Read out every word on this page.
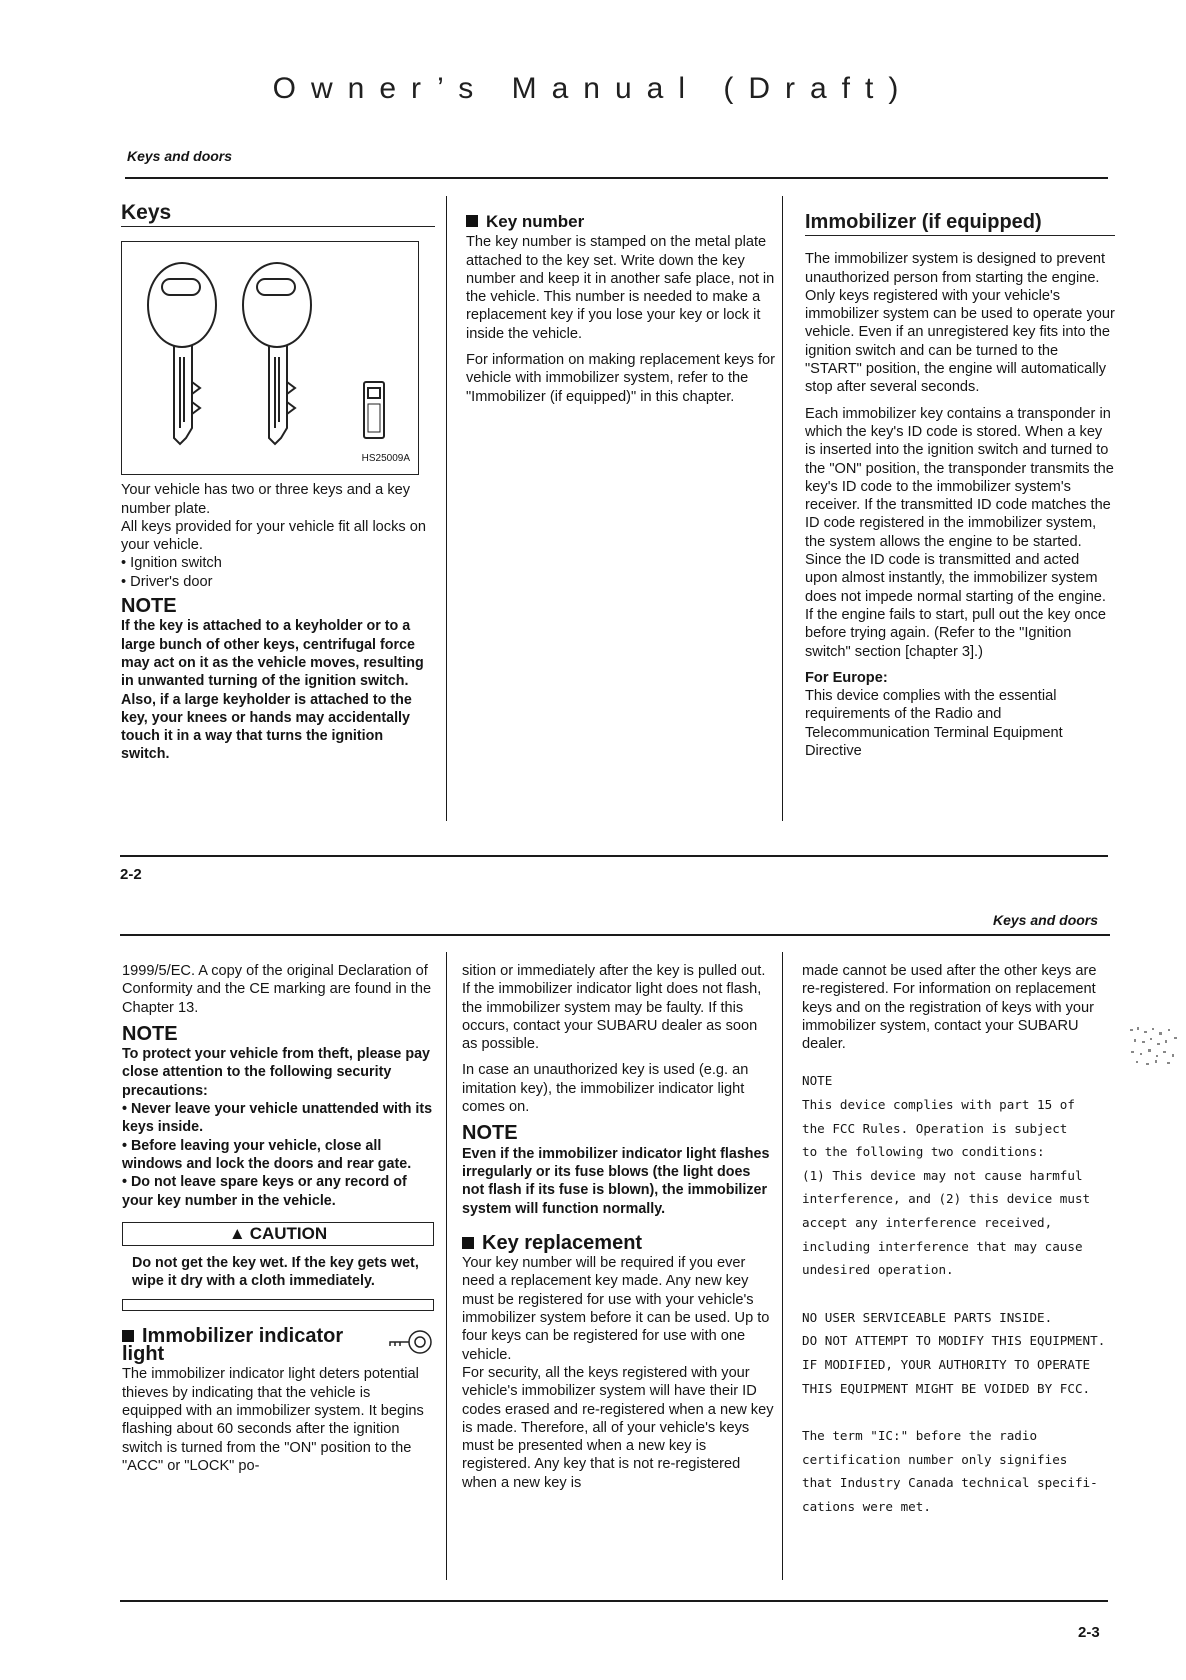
Owner’s Manual (Draft)
Keys and doors
Keys
HS25009A

Your vehicle has two or three keys and a key number plate.

All keys provided for your vehicle fit all locks on your vehicle.

• Ignition switch
• Driver's door
NOTE
If the key is attached to a keyholder or to a large bunch of other keys, centrifugal force may act on it as the vehicle moves, resulting in unwanted turning of the ignition switch. Also, if a large keyholder is attached to the key, your knees or hands may accidentally touch it in a way that turns the ignition switch.
Key number

The key number is stamped on the metal plate attached to the key set. Write down the key number and keep it in another safe place, not in the vehicle. This number is needed to make a replacement key if you lose your key or lock it inside the vehicle.

For information on making replacement keys for vehicle with immobilizer system, refer to the "Immobilizer (if equipped)" in this chapter.

Immobilizer (if equipped)

The immobilizer system is designed to prevent unauthorized person from starting the engine. Only keys registered with your vehicle's immobilizer system can be used to operate your vehicle. Even if an unregistered key fits into the ignition switch and can be turned to the "START" position, the engine will automatically stop after several seconds.

Each immobilizer key contains a transponder in which the key's ID code is stored. When a key is inserted into the ignition switch and turned to the "ON" position, the transponder transmits the key's ID code to the immobilizer system's receiver. If the transmitted ID code matches the ID code registered in the immobilizer system, the system allows the engine to be started. Since the ID code is transmitted and acted upon almost instantly, the immobilizer system does not impede normal starting of the engine.

If the engine fails to start, pull out the key once before trying again. (Refer to the "Ignition switch" section [chapter 3].)

For Europe:
This device complies with the essential requirements of the Radio and Telecommunication Terminal Equipment Directive
2-2
Keys and doors

1999/5/EC. A copy of the original Declaration of Conformity and the CE marking are found in the Chapter 13.

NOTE
To protect your vehicle from theft, please pay close attention to the following security precautions:
• Never leave your vehicle unattended with its keys inside.
• Before leaving your vehicle, close all windows and lock the doors and rear gate.
• Do not leave spare keys or any record of your key number in the vehicle.
▲ CAUTION
Do not get the key wet. If the key gets wet, wipe it dry with a cloth immediately.
Immobilizer indicator light

The immobilizer indicator light deters potential thieves by indicating that the vehicle is equipped with an immobilizer system. It begins flashing about 60 seconds after the ignition switch is turned from the "ON" position to the "ACC" or "LOCK" po-

sition or immediately after the key is pulled out.

If the immobilizer indicator light does not flash, the immobilizer system may be faulty. If this occurs, contact your SUBARU dealer as soon as possible.

In case an unauthorized key is used (e.g. an imitation key), the immobilizer indicator light comes on.

NOTE
Even if the immobilizer indicator light flashes irregularly or its fuse blows (the light does not flash if its fuse is blown), the immobilizer system will function normally.
Key replacement

Your key number will be required if you ever need a replacement key made. Any new key must be registered for use with your vehicle's immobilizer system before it can be used. Up to four keys can be registered for use with one vehicle.

For security, all the keys registered with your vehicle's immobilizer system will have their ID codes erased and re-registered when a new key is made. Therefore, all of your vehicle's keys must be presented when a new key is registered. Any key that is not re-registered when a new key is

made cannot be used after the other keys are re-registered. For information on replacement keys and on the registration of keys with your immobilizer system, contact your SUBARU dealer.

NOTE

This device complies with part 15 of

the FCC Rules. Operation is subject

to the following two conditions:

(1) This device may not cause harmful

interference, and (2) this device must

accept any interference received,

including interference that may cause

undesired operation.

NO USER SERVICEABLE PARTS INSIDE.

DO NOT ATTEMPT TO MODIFY THIS EQUIPMENT.

IF MODIFIED, YOUR AUTHORITY TO OPERATE

THIS EQUIPMENT MIGHT BE VOIDED BY FCC.

The term "IC:" before the radio

certification number only signifies

that Industry Canada technical specifi-

cations were met.

2-3
